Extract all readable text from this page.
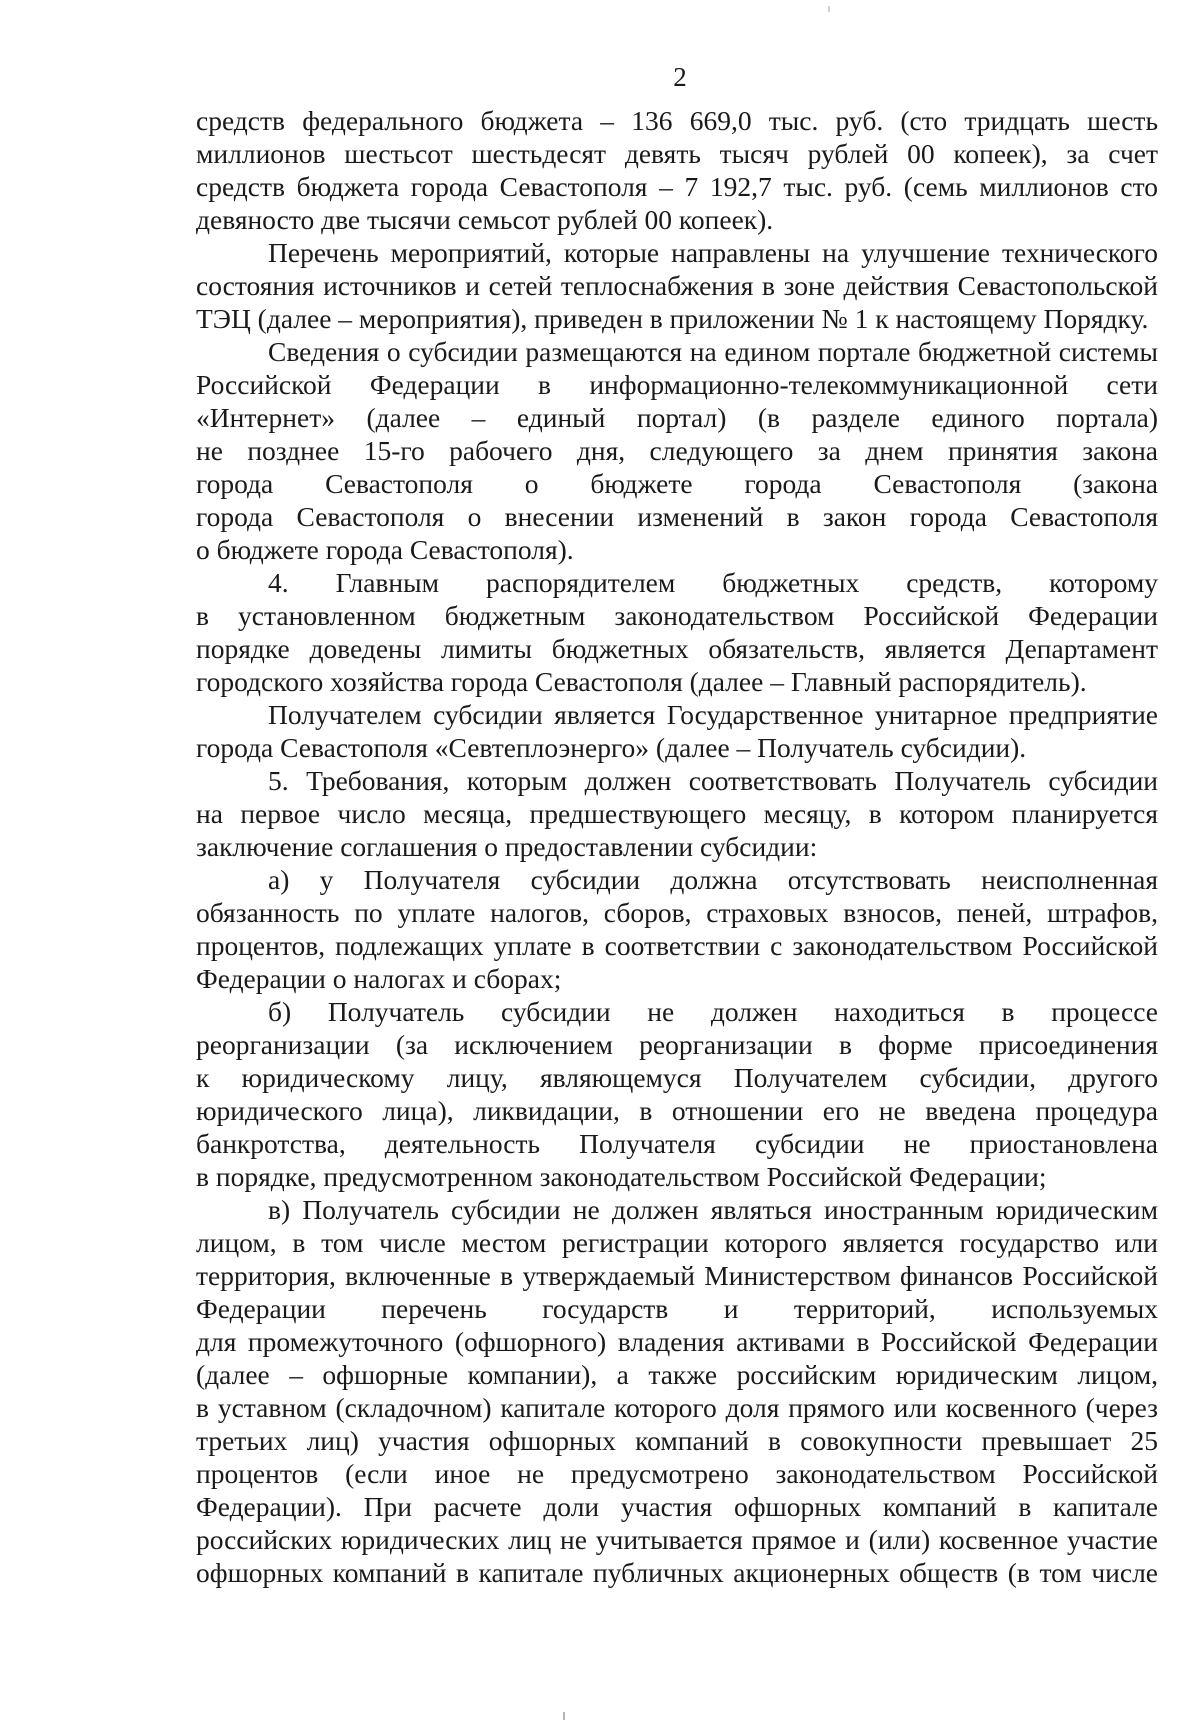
2
средств федерального бюджета – 136 669,0 тыс. руб. (сто тридцать шесть
миллионов шестьсот шестьдесят девять тысяч рублей 00 копеек), за счет
средств бюджета города Севастополя – 7 192,7 тыс. руб. (семь миллионов сто
девяносто две тысячи семьсот рублей 00 копеек).
Перечень мероприятий, которые направлены на улучшение технического
состояния источников и сетей теплоснабжения в зоне действия Севастопольской
ТЭЦ (далее – мероприятия), приведен в приложении № 1 к настоящему Порядку.
Сведения о субсидии размещаются на едином портале бюджетной системы
Российской Федерации в информационно-телекоммуникационной сети
«Интернет» (далее – единый портал) (в разделе единого портала)
не позднее 15-го рабочего дня, следующего за днем принятия закона
города Севастополя о бюджете города Севастополя (закона
города Севастополя о внесении изменений в закон города Севастополя
о бюджете города Севастополя).
4. Главным распорядителем бюджетных средств, которому
в установленном бюджетным законодательством Российской Федерации
порядке доведены лимиты бюджетных обязательств, является Департамент
городского хозяйства города Севастополя (далее – Главный распорядитель).
Получателем субсидии является Государственное унитарное предприятие
города Севастополя «Севтеплоэнерго» (далее – Получатель субсидии).
5. Требования, которым должен соответствовать Получатель субсидии
на первое число месяца, предшествующего месяцу, в котором планируется
заключение соглашения о предоставлении субсидии:
а) у Получателя субсидии должна отсутствовать неисполненная
обязанность по уплате налогов, сборов, страховых взносов, пеней, штрафов,
процентов, подлежащих уплате в соответствии с законодательством Российской
Федерации о налогах и сборах;
б) Получатель субсидии не должен находиться в процессе
реорганизации (за исключением реорганизации в форме присоединения
к юридическому лицу, являющемуся Получателем субсидии, другого
юридического лица), ликвидации, в отношении его не введена процедура
банкротства, деятельность Получателя субсидии не приостановлена
в порядке, предусмотренном законодательством Российской Федерации;
в) Получатель субсидии не должен являться иностранным юридическим
лицом, в том числе местом регистрации которого является государство или
территория, включенные в утверждаемый Министерством финансов Российской
Федерации перечень государств и территорий, используемых
для промежуточного (офшорного) владения активами в Российской Федерации
(далее – офшорные компании), а также российским юридическим лицом,
в уставном (складочном) капитале которого доля прямого или косвенного (через
третьих лиц) участия офшорных компаний в совокупности превышает 25
процентов (если иное не предусмотрено законодательством Российской
Федерации). При расчете доли участия офшорных компаний в капитале
российских юридических лиц не учитывается прямое и (или) косвенное участие
офшорных компаний в капитале публичных акционерных обществ (в том числе
